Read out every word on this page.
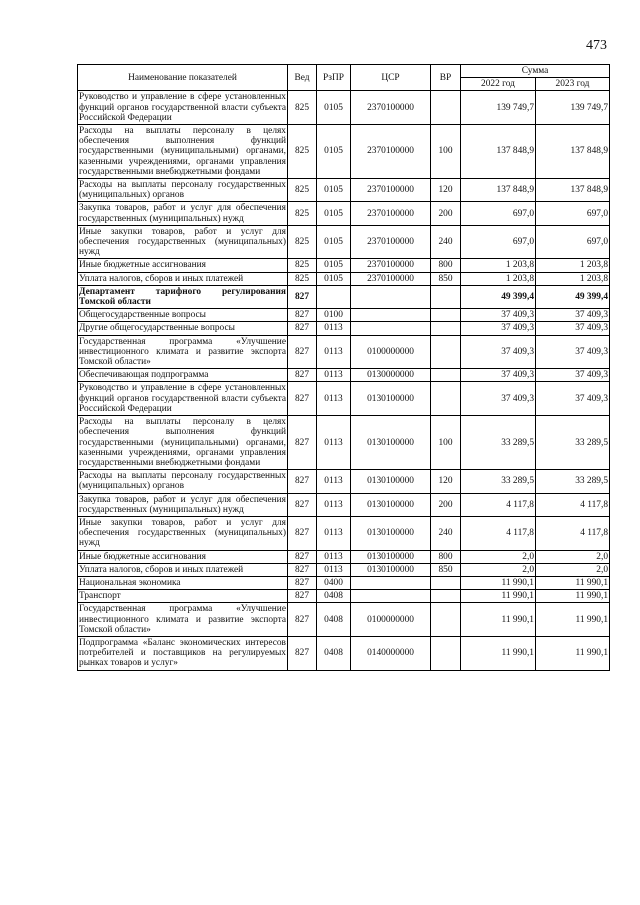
473
Наименование показателей	Вед	РзПР	ЦСР	ВР	Сумма	
					2022 год	2023 год
Руководство и управление в сфере установленных функций органов государственной власти субъекта Российской Федерации	825	0105	2370100000		139 749,7	139 749,7
Расходы на выплаты персоналу в целях обеспечения выполнения функций государственными (муниципальными) органами, казенными учреждениями, органами управления государственными внебюджетными фондами	825	0105	2370100000	100	137 848,9	137 848,9
Расходы на выплаты персоналу государственных (муниципальных) органов	825	0105	2370100000	120	137 848,9	137 848,9
Закупка товаров, работ и услуг для обеспечения государственных (муниципальных) нужд	825	0105	2370100000	200	697,0	697,0
Иные закупки товаров, работ и услуг для обеспечения государственных (муниципальных) нужд	825	0105	2370100000	240	697,0	697,0
Иные бюджетные ассигнования	825	0105	2370100000	800	1 203,8	1 203,8
Уплата налогов, сборов и иных платежей	825	0105	2370100000	850	1 203,8	1 203,8
Департамент тарифного регулирования Томской области	827				49 399,4	49 399,4
Общегосударственные вопросы	827	0100			37 409,3	37 409,3
Другие общегосударственные вопросы	827	0113			37 409,3	37 409,3
Государственная программа «Улучшение инвестиционного климата и развитие экспорта Томской области»	827	0113	0100000000		37 409,3	37 409,3
Обеспечивающая подпрограмма	827	0113	0130000000		37 409,3	37 409,3
Руководство и управление в сфере установленных функций органов государственной власти субъекта Российской Федерации	827	0113	0130100000		37 409,3	37 409,3
Расходы на выплаты персоналу в целях обеспечения выполнения функций государственными (муниципальными) органами, казенными учреждениями, органами управления государственными внебюджетными фондами	827	0113	0130100000	100	33 289,5	33 289,5
Расходы на выплаты персоналу государственных (муниципальных) органов	827	0113	0130100000	120	33 289,5	33 289,5
Закупка товаров, работ и услуг для обеспечения государственных (муниципальных) нужд	827	0113	0130100000	200	4 117,8	4 117,8
Иные закупки товаров, работ и услуг для обеспечения государственных (муниципальных) нужд	827	0113	0130100000	240	4 117,8	4 117,8
Иные бюджетные ассигнования	827	0113	0130100000	800	2,0	2,0
Уплата налогов, сборов и иных платежей	827	0113	0130100000	850	2,0	2,0
Национальная экономика	827	0400			11 990,1	11 990,1
Транспорт	827	0408			11 990,1	11 990,1
Государственная программа «Улучшение инвестиционного климата и развитие экспорта Томской области»	827	0408	0100000000		11 990,1	11 990,1
Подпрограмма «Баланс экономических интересов потребителей и поставщиков на регулируемых рынках товаров и услуг»	827	0408	0140000000		11 990,1	11 990,1
